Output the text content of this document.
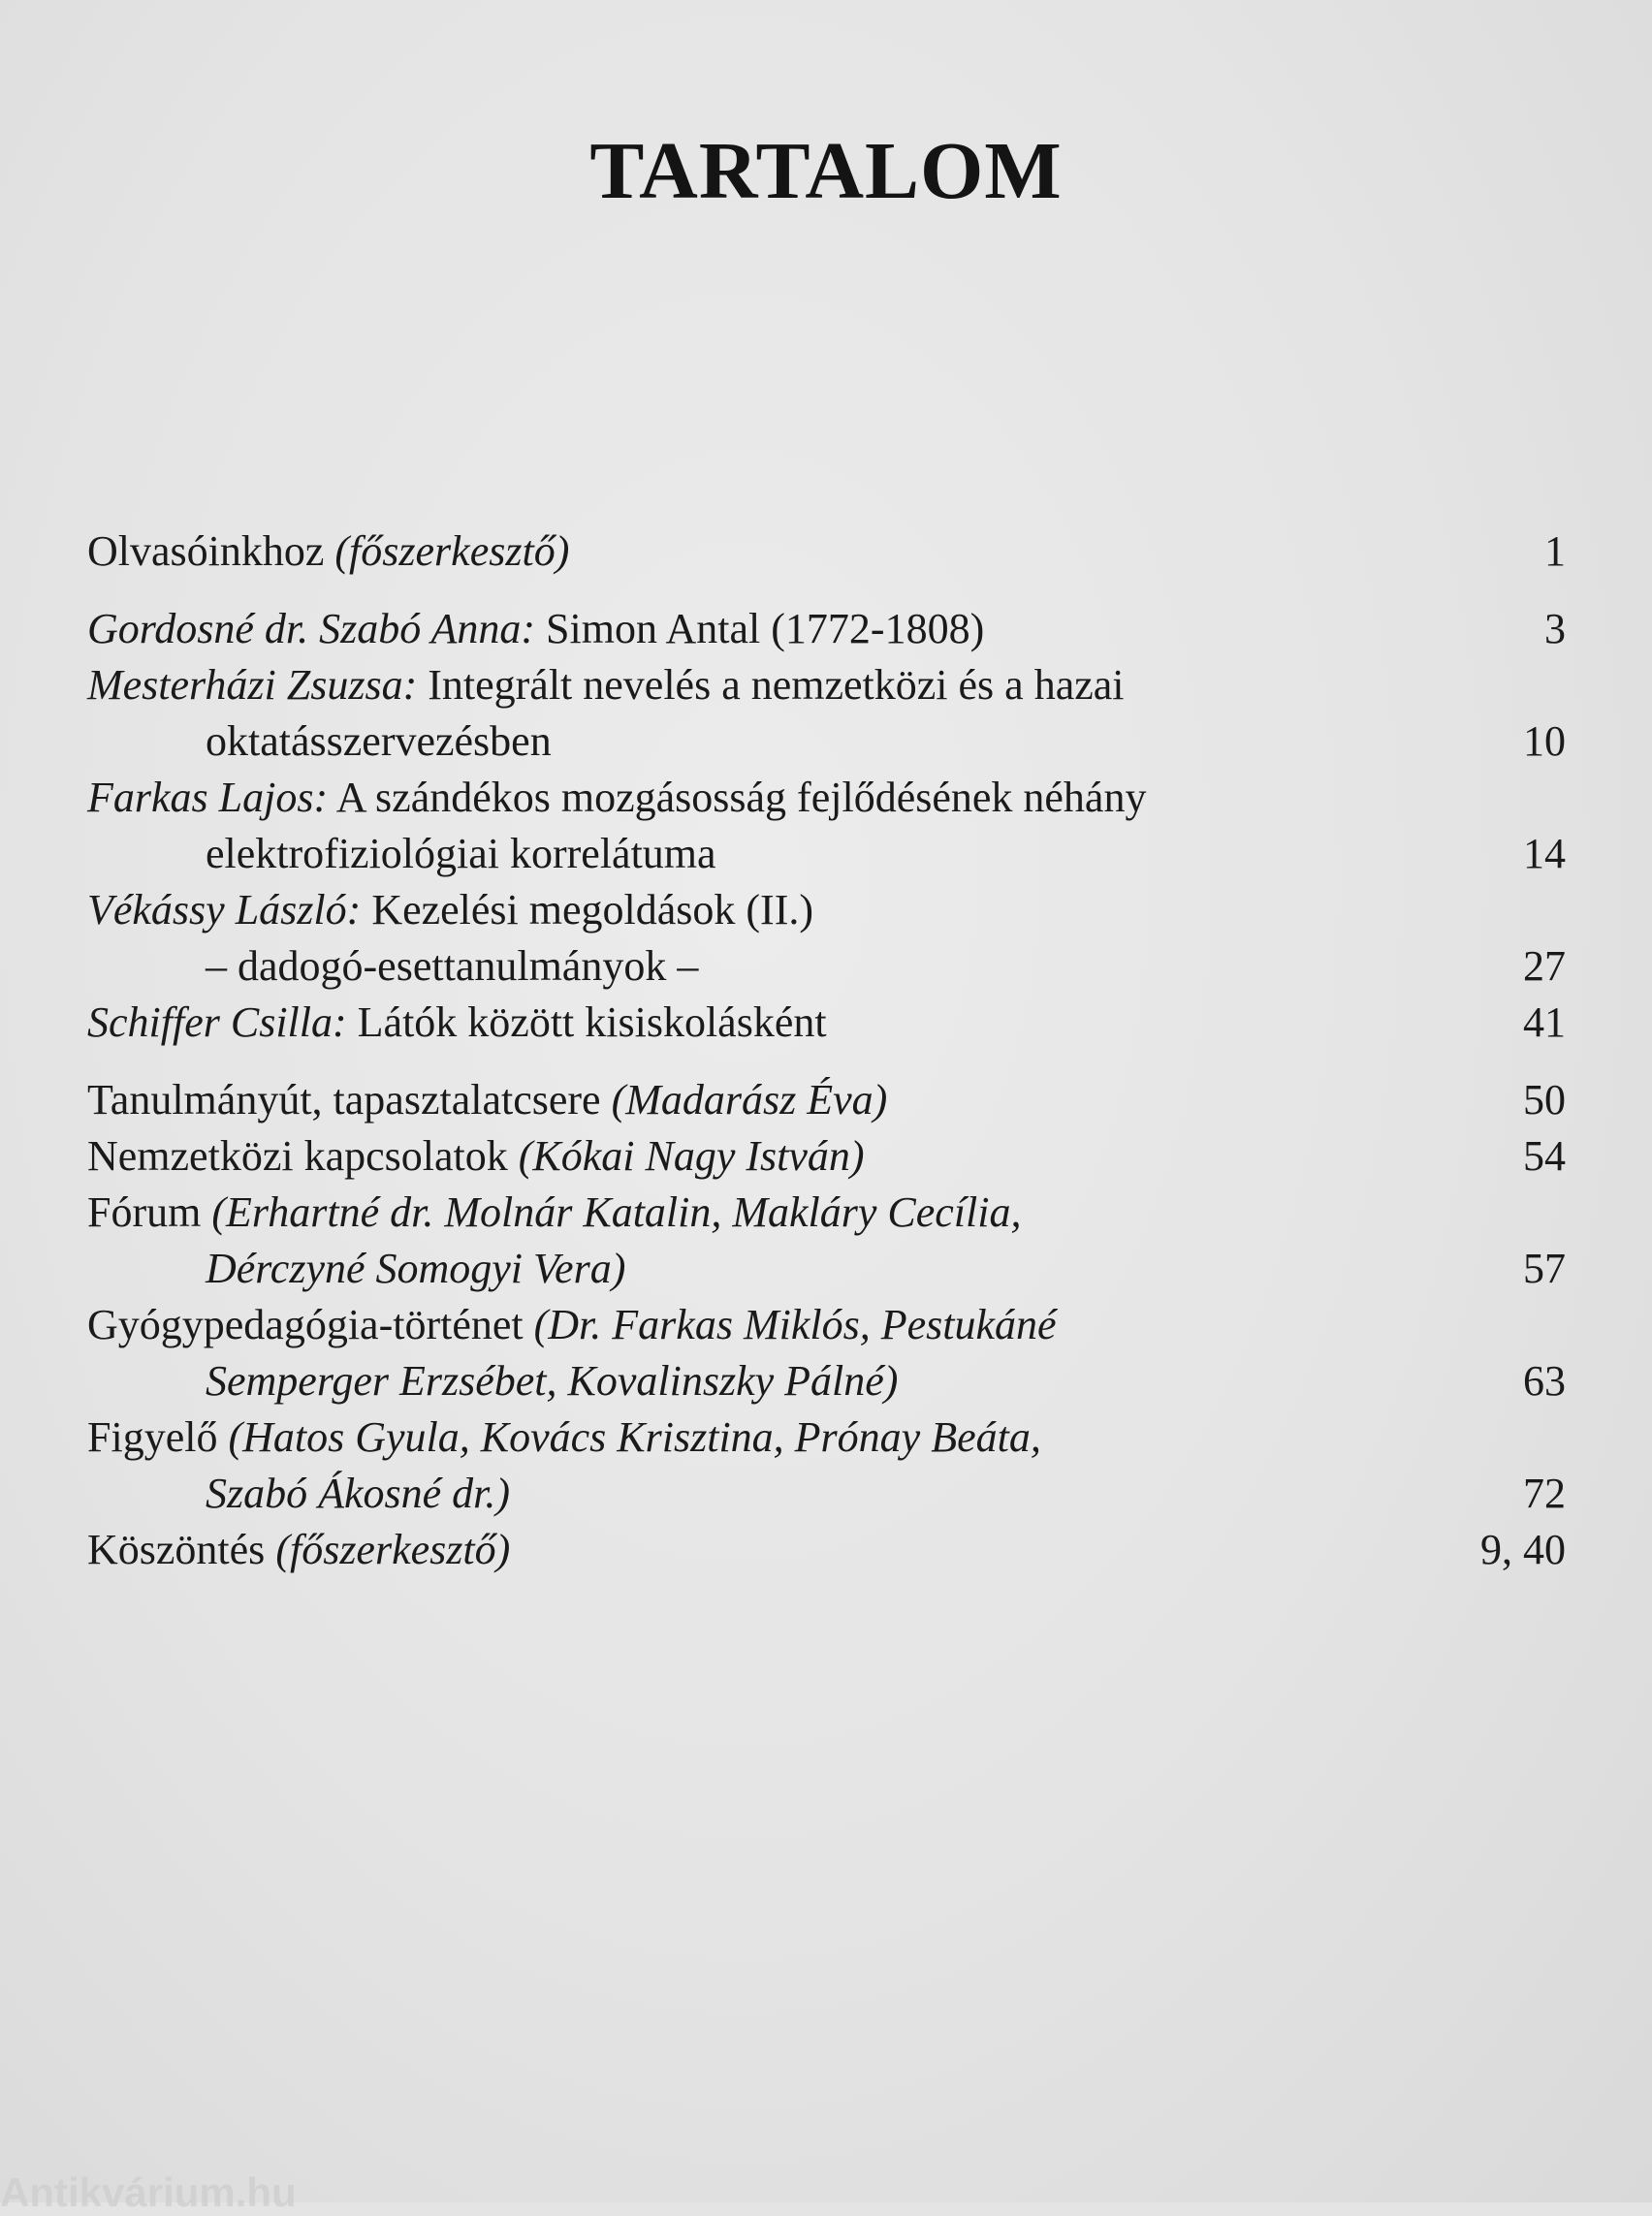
TARTALOM
Olvasóinkhoz (főszerkesztő)	1
Gordosné dr. Szabó Anna: Simon Antal (1772-1808)	3
Mesterházi Zsuzsa: Integrált nevelés a nemzetközi és a hazai
oktatásszervezésben	10
Farkas Lajos: A szándékos mozgásosság fejlődésének néhány
elektrofiziológiai korrelátuma	14
Vékássy László: Kezelési megoldások (II.)
– dadogó-esettanulmányok –	27
Schiffer Csilla: Látók között kisiskolásként	41
Tanulmányút, tapasztalatcsere (Madarász Éva)	50
Nemzetközi kapcsolatok (Kókai Nagy István)	54
Fórum (Erhartné dr. Molnár Katalin, Makláry Cecília,
Dérczyné Somogyi Vera)	57
Gyógypedagógia-történet (Dr. Farkas Miklós, Pestukáné
Semperger Erzsébet, Kovalinszky Pálné)	63
Figyelő (Hatos Gyula, Kovács Krisztina, Prónay Beáta,
Szabó Ákosné dr.)	72
Köszöntés (főszerkesztő)	9, 40
Antikvárium.hu
